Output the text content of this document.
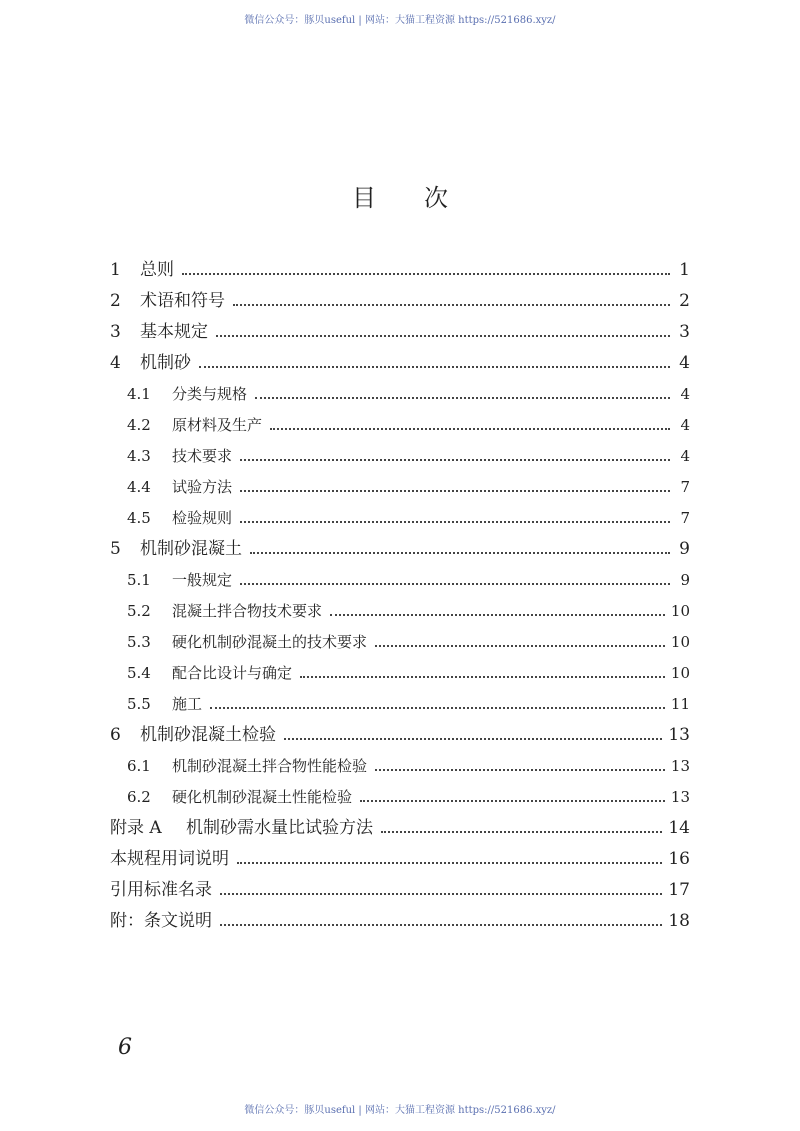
微信公众号：豚贝useful | 网站：大猫工程资源 https://521686.xyz/
目次
1	总则	1
2	术语和符号	2
3	基本规定	3
4	机制砂	4
4.1	分类与规格	4
4.2	原材料及生产	4
4.3	技术要求	4
4.4	试验方法	7
4.5	检验规则	7
5	机制砂混凝土	9
5.1	一般规定	9
5.2	混凝土拌合物技术要求	10
5.3	硬化机制砂混凝土的技术要求	10
5.4	配合比设计与确定	10
5.5	施工	11
6	机制砂混凝土检验	13
6.1	机制砂混凝土拌合物性能检验	13
6.2	硬化机制砂混凝土性能检验	13
附录 A	机制砂需水量比试验方法	14
本规程用词说明	16
引用标准名录	17
附：条文说明	18
6
微信公众号：豚贝useful | 网站：大猫工程资源 https://521686.xyz/
